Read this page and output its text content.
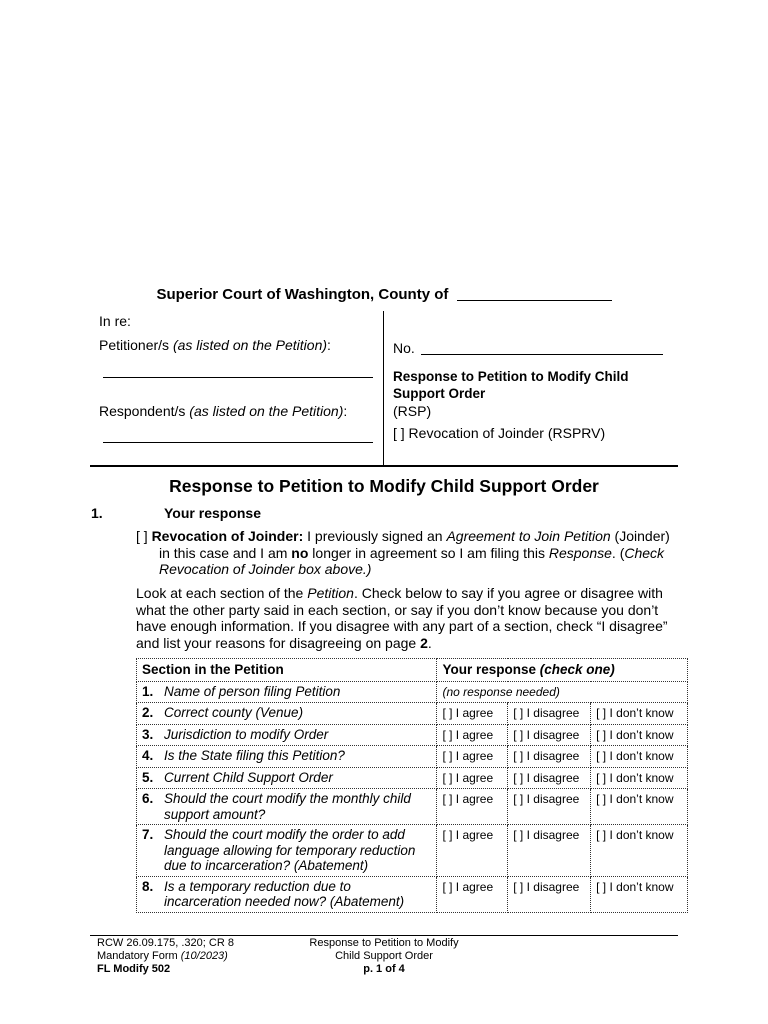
Superior Court of Washington, County of
In re:
Petitioner/s (as listed on the Petition):
Respondent/s (as listed on the Petition):
No.
Response to Petition to Modify Child Support Order
(RSP)
[ ] Revocation of Joinder (RSPRV)
Response to Petition to Modify Child Support Order
1.	Your response
[ ] Revocation of Joinder: I previously signed an Agreement to Join Petition (Joinder) in this case and I am no longer in agreement so I am filing this Response. (Check Revocation of Joinder box above.)
Look at each section of the Petition. Check below to say if you agree or disagree with what the other party said in each section, or say if you don’t know because you don’t have enough information. If you disagree with any part of a section, check “I disagree” and list your reasons for disagreeing on page 2.
Section in the Petition	Your response (check one)		
1. Name of person filing Petition	(no response needed)		
2. Correct county (Venue)	[ ] I agree	[ ] I disagree	[ ] I don’t know
3. Jurisdiction to modify Order	[ ] I agree	[ ] I disagree	[ ] I don’t know
4. Is the State filing this Petition?	[ ] I agree	[ ] I disagree	[ ] I don’t know
5. Current Child Support Order	[ ] I agree	[ ] I disagree	[ ] I don’t know
6. Should the court modify the monthly child support amount?	[ ] I agree	[ ] I disagree	[ ] I don’t know
7. Should the court modify the order to add language allowing for temporary reduction due to incarceration? (Abatement)	[ ] I agree	[ ] I disagree	[ ] I don’t know
8. Is a temporary reduction due to incarceration needed now? (Abatement)	[ ] I agree	[ ] I disagree	[ ] I don’t know
RCW 26.09.175, .320; CR 8
Mandatory Form (10/2023)
FL Modify 502
Response to Petition to Modify
Child Support Order
p. 1 of 4
